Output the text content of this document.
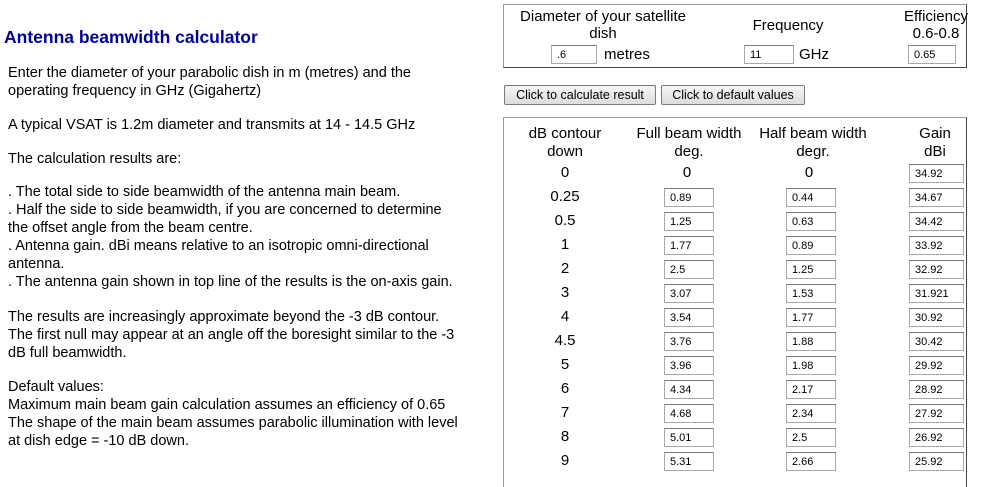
Antenna beamwidth calculator
Enter the diameter of your parabolic dish in m (metres) and the
operating frequency in GHz (Gigahertz)
A typical VSAT is 1.2m diameter and transmits at 14 - 14.5 GHz
The calculation results are:
. The total side to side beamwidth of the antenna main beam.
. Half the side to side beamwidth, if you are concerned to determine
the offset angle from the beam centre.
. Antenna gain. dBi means relative to an isotropic omni-directional
antenna.
. The antenna gain shown in top line of the results is the on-axis gain.
The results are increasingly approximate beyond the -3 dB contour.
The first null may appear at an angle off the boresight similar to the -3
dB full beamwidth.
Default values:
Maximum main beam gain calculation assumes an efficiency of 0.65
The shape of the main beam assumes parabolic illumination with level
at dish edge = -10 dB down.
Diameter of your satellite
dish
.6	metres
Frequency
11	GHz
Efficiency
0.6-0.8
0.65
Click to calculate result	Click to default values
dB contour
down
Full beam width
deg.
Half beam width
degr.
Gain
dBi
0	0	0	34.92
0.25	0.89	0.44	34.67
0.5	1.25	0.63	34.42
1	1.77	0.89	33.92
2	2.5	1.25	32.92
3	3.07	1.53	31.921
4	3.54	1.77	30.92
4.5	3.76	1.88	30.42
5	3.96	1.98	29.92
6	4.34	2.17	28.92
7	4.68	2.34	27.92
8	5.01	2.5	26.92
9	5.31	2.66	25.92
